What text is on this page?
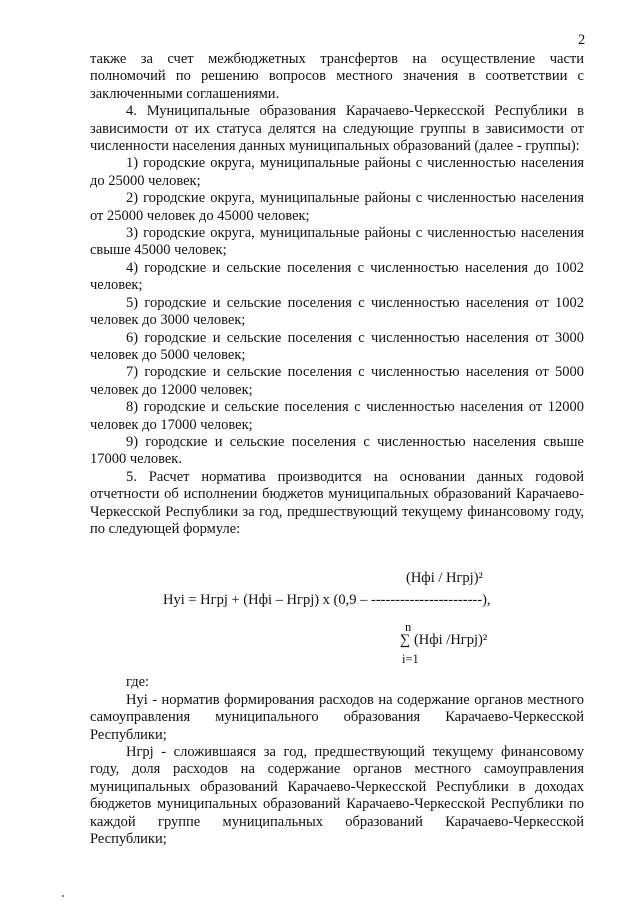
2

также за счет межбюджетных трансфертов на осуществление части полномочий по решению вопросов местного значения в соответствии с заключенными соглашениями.

4. Муниципальные образования Карачаево-Черкесской Республики в зависимости от их статуса делятся на следующие группы в зависимости от численности населения данных муниципальных образований (далее - группы):

1) городские округа, муниципальные районы с численностью населения до 25000 человек;

2) городские округа, муниципальные районы с численностью населения от 25000 человек до 45000 человек;

3) городские округа, муниципальные районы с численностью населения свыше 45000 человек;

4) городские и сельские поселения с численностью населения до 1002 человек;

5) городские и сельские поселения с численностью населения от 1002 человек до 3000 человек;

6) городские и сельские поселения с численностью населения от 3000 человек до 5000 человек;

7) городские и сельские поселения с численностью населения от 5000 человек до 12000 человек;

8) городские и сельские поселения с численностью населения от 12000 человек до 17000 человек;

9) городские и сельские поселения с численностью населения свыше 17000 человек.

5. Расчет норматива производится на основании данных годовой отчетности об исполнении бюджетов муниципальных образований Карачаево-Черкесской Республики за год, предшествующий текущему финансовому году, по следующей формуле:

(Нфi / Нгрj)²
Нуi = Нгрj + (Нфi – Нгрj) x (0,9 – -----------------------),
n
∑ (Нфi /Нгрj)²
i=1

где:

Нуi - норматив формирования расходов на содержание органов местного самоуправления муниципального образования Карачаево-Черкесской Республики;

Нгрj - сложившаяся за год, предшествующий текущему финансовому году, доля расходов на содержание органов местного самоуправления муниципальных образований Карачаево-Черкесской Республики в доходах бюджетов муниципальных образований Карачаево-Черкесской Республики по каждой группе муниципальных образований Карачаево-Черкесской Республики;
